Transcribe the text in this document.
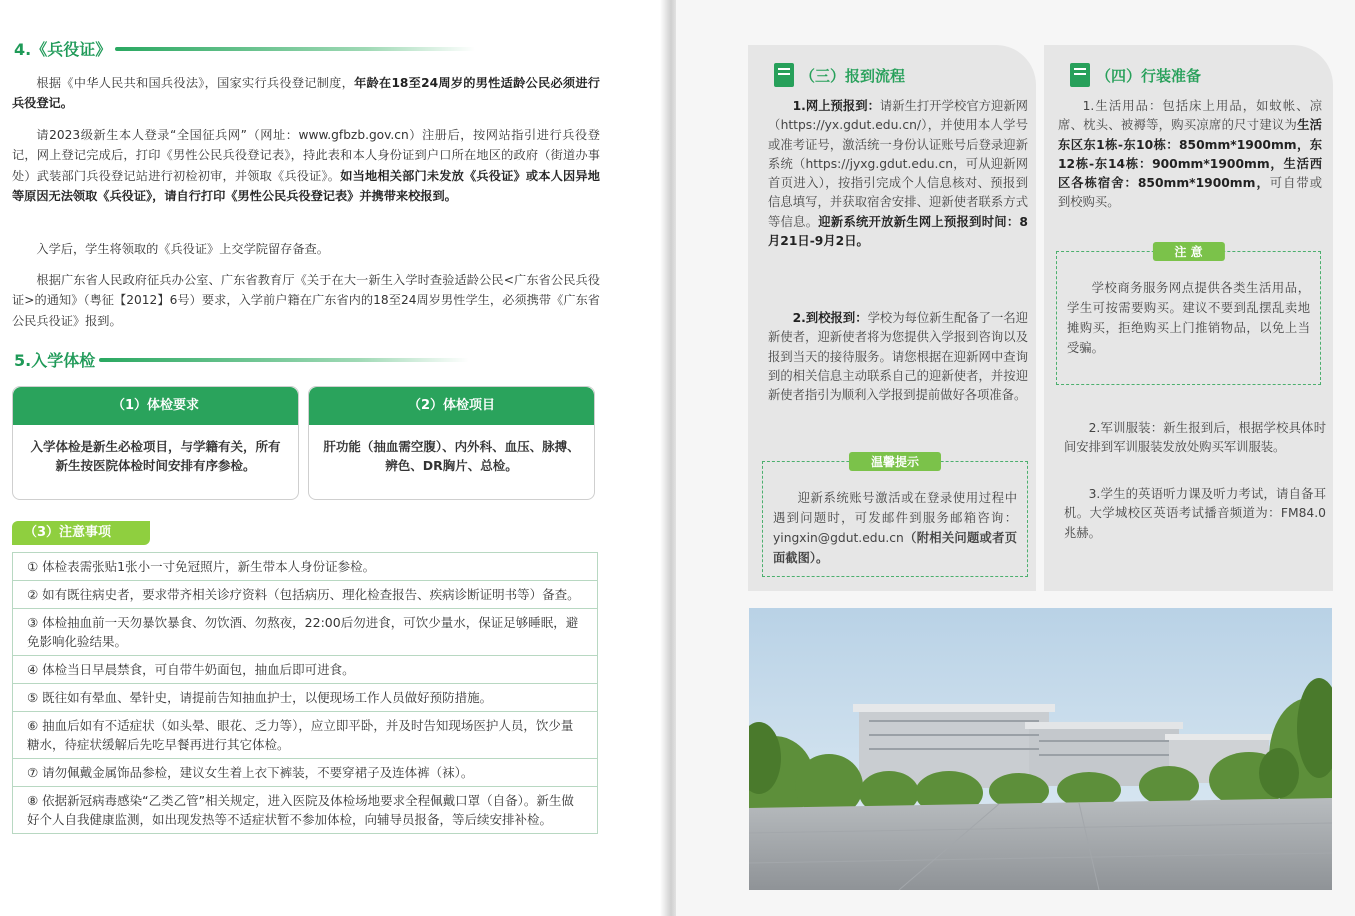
4.《兵役证》
根据《中华人民共和国兵役法》，国家实行兵役登记制度，年龄在18至24周岁的男性适龄公民必须进行兵役登记。
请2023级新生本人登录“全国征兵网”（网址：www.gfbzb.gov.cn）注册后，按网站指引进行兵役登记，网上登记完成后，打印《男性公民兵役登记表》，持此表和本人身份证到户口所在地区的政府（街道办事处）武装部门兵役登记站进行初检初审，并领取《兵役证》。如当地相关部门未发放《兵役证》或本人因异地等原因无法领取《兵役证》，请自行打印《男性公民兵役登记表》并携带来校报到。
入学后，学生将领取的《兵役证》上交学院留存备查。
根据广东省人民政府征兵办公室、广东省教育厅《关于在大一新生入学时查验适龄公民<广东省公民兵役证>的通知》（粤征【2012】6号）要求，入学前户籍在广东省内的18至24周岁男性学生，必须携带《广东省公民兵役证》报到。
5.入学体检
（1）体检要求
入学体检是新生必检项目，与学籍有关，所有新生按医院体检时间安排有序参检。
（2）体检项目
肝功能（抽血需空腹）、内外科、血压、脉搏、辨色、DR胸片、总检。
（3）注意事项
① 体检表需张贴1张小一寸免冠照片，新生带本人身份证参检。
② 如有既往病史者，要求带齐相关诊疗资料（包括病历、理化检查报告、疾病诊断证明书等）备查。
③ 体检抽血前一天勿暴饮暴食、勿饮酒、勿熬夜，22:00后勿进食，可饮少量水，保证足够睡眠，避免影响化验结果。
④ 体检当日早晨禁食，可自带牛奶面包，抽血后即可进食。
⑤ 既往如有晕血、晕针史，请提前告知抽血护士，以便现场工作人员做好预防措施。
⑥ 抽血后如有不适症状（如头晕、眼花、乏力等），应立即平卧，并及时告知现场医护人员，饮少量糖水，待症状缓解后先吃早餐再进行其它体检。
⑦ 请勿佩戴金属饰品参检，建议女生着上衣下裤装，不要穿裙子及连体裤（袜）。
⑧ 依据新冠病毒感染“乙类乙管”相关规定，进入医院及体检场地要求全程佩戴口罩（自备）。新生做好个人自我健康监测，如出现发热等不适症状暂不参加体检，向辅导员报备，等后续安排补检。
（三）报到流程
1.网上预报到：请新生打开学校官方迎新网（https://yx.gdut.edu.cn/），并使用本人学号或准考证号，激活统一身份认证账号后登录迎新系统（https://jyxg.gdut.edu.cn，可从迎新网首页进入），按指引完成个人信息核对、预报到信息填写，并获取宿舍安排、迎新使者联系方式等信息。迎新系统开放新生网上预报到时间：8月21日-9月2日。
2.到校报到：学校为每位新生配备了一名迎新使者，迎新使者将为您提供入学报到咨询以及报到当天的接待服务。请您根据在迎新网中查询到的相关信息主动联系自己的迎新使者，并按迎新使者指引为顺利入学报到提前做好各项准备。
温馨提示
迎新系统账号激活或在登录使用过程中遇到问题时，可发邮件到服务邮箱咨询：yingxin@gdut.edu.cn（附相关问题或者页面截图）。
（四）行装准备
1.生活用品：包括床上用品，如蚊帐、凉席、枕头、被褥等，购买凉席的尺寸建议为生活东区东1栋-东10栋：850mm*1900mm，东12栋-东14栋：900mm*1900mm，生活西区各栋宿舍：850mm*1900mm，可自带或到校购买。
注 意
学校商务服务网点提供各类生活用品，学生可按需要购买。建议不要到乱摆乱卖地摊购买，拒绝购买上门推销物品，以免上当受骗。
2.军训服装：新生报到后，根据学校具体时间安排到军训服装发放处购买军训服装。
3.学生的英语听力课及听力考试，请自备耳机。大学城校区英语考试播音频道为：FM84.0兆赫。
